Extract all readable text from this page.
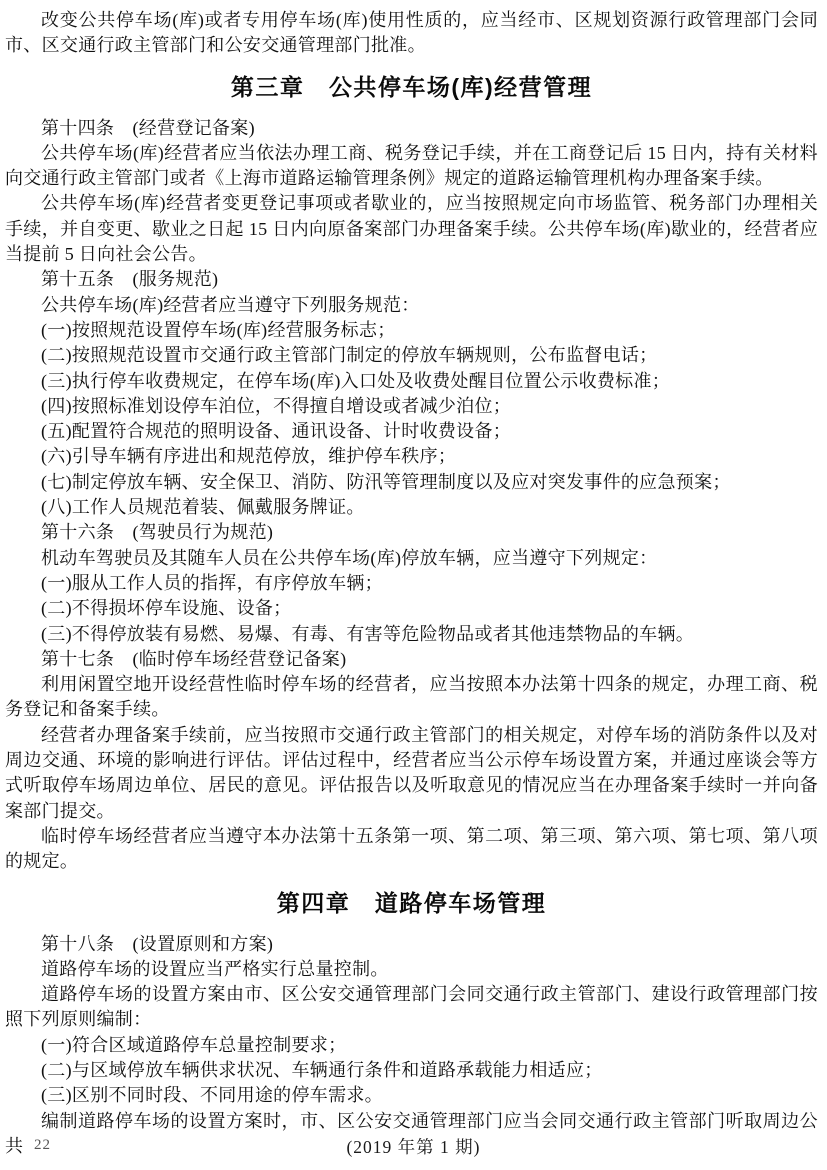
改变公共停车场(库)或者专用停车场(库)使用性质的，应当经市、区规划资源行政管理部门会同市、区交通行政主管部门和公安交通管理部门批准。
第三章　公共停车场(库)经营管理
第十四条　(经营登记备案)
公共停车场(库)经营者应当依法办理工商、税务登记手续，并在工商登记后 15 日内，持有关材料向交通行政主管部门或者《上海市道路运输管理条例》规定的道路运输管理机构办理备案手续。
公共停车场(库)经营者变更登记事项或者歇业的，应当按照规定向市场监管、税务部门办理相关手续，并自变更、歇业之日起 15 日内向原备案部门办理备案手续。公共停车场(库)歇业的，经营者应当提前 5 日向社会公告。
第十五条　(服务规范)
公共停车场(库)经营者应当遵守下列服务规范：
(一)按照规范设置停车场(库)经营服务标志；
(二)按照规范设置市交通行政主管部门制定的停放车辆规则，公布监督电话；
(三)执行停车收费规定，在停车场(库)入口处及收费处醒目位置公示收费标准；
(四)按照标准划设停车泊位，不得擅自增设或者减少泊位；
(五)配置符合规范的照明设备、通讯设备、计时收费设备；
(六)引导车辆有序进出和规范停放，维护停车秩序；
(七)制定停放车辆、安全保卫、消防、防汛等管理制度以及应对突发事件的应急预案；
(八)工作人员规范着装、佩戴服务牌证。
第十六条　(驾驶员行为规范)
机动车驾驶员及其随车人员在公共停车场(库)停放车辆，应当遵守下列规定：
(一)服从工作人员的指挥，有序停放车辆；
(二)不得损坏停车设施、设备；
(三)不得停放装有易燃、易爆、有毒、有害等危险物品或者其他违禁物品的车辆。
第十七条　(临时停车场经营登记备案)
利用闲置空地开设经营性临时停车场的经营者，应当按照本办法第十四条的规定，办理工商、税务登记和备案手续。
经营者办理备案手续前，应当按照市交通行政主管部门的相关规定，对停车场的消防条件以及对周边交通、环境的影响进行评估。评估过程中，经营者应当公示停车场设置方案，并通过座谈会等方式听取停车场周边单位、居民的意见。评估报告以及听取意见的情况应当在办理备案手续时一并向备案部门提交。
临时停车场经营者应当遵守本办法第十五条第一项、第二项、第三项、第六项、第七项、第八项的规定。
第四章　道路停车场管理
第十八条　(设置原则和方案)
道路停车场的设置应当严格实行总量控制。
道路停车场的设置方案由市、区公安交通管理部门会同交通行政主管部门、建设行政管理部门按照下列原则编制：
(一)符合区域道路停车总量控制要求；
(二)与区域停放车辆供求状况、车辆通行条件和道路承载能力相适应；
(三)区别不同时段、不同用途的停车需求。
编制道路停车场的设置方案时，市、区公安交通管理部门应当会同交通行政主管部门听取周边公共 22	(2019 年第 1 期)
